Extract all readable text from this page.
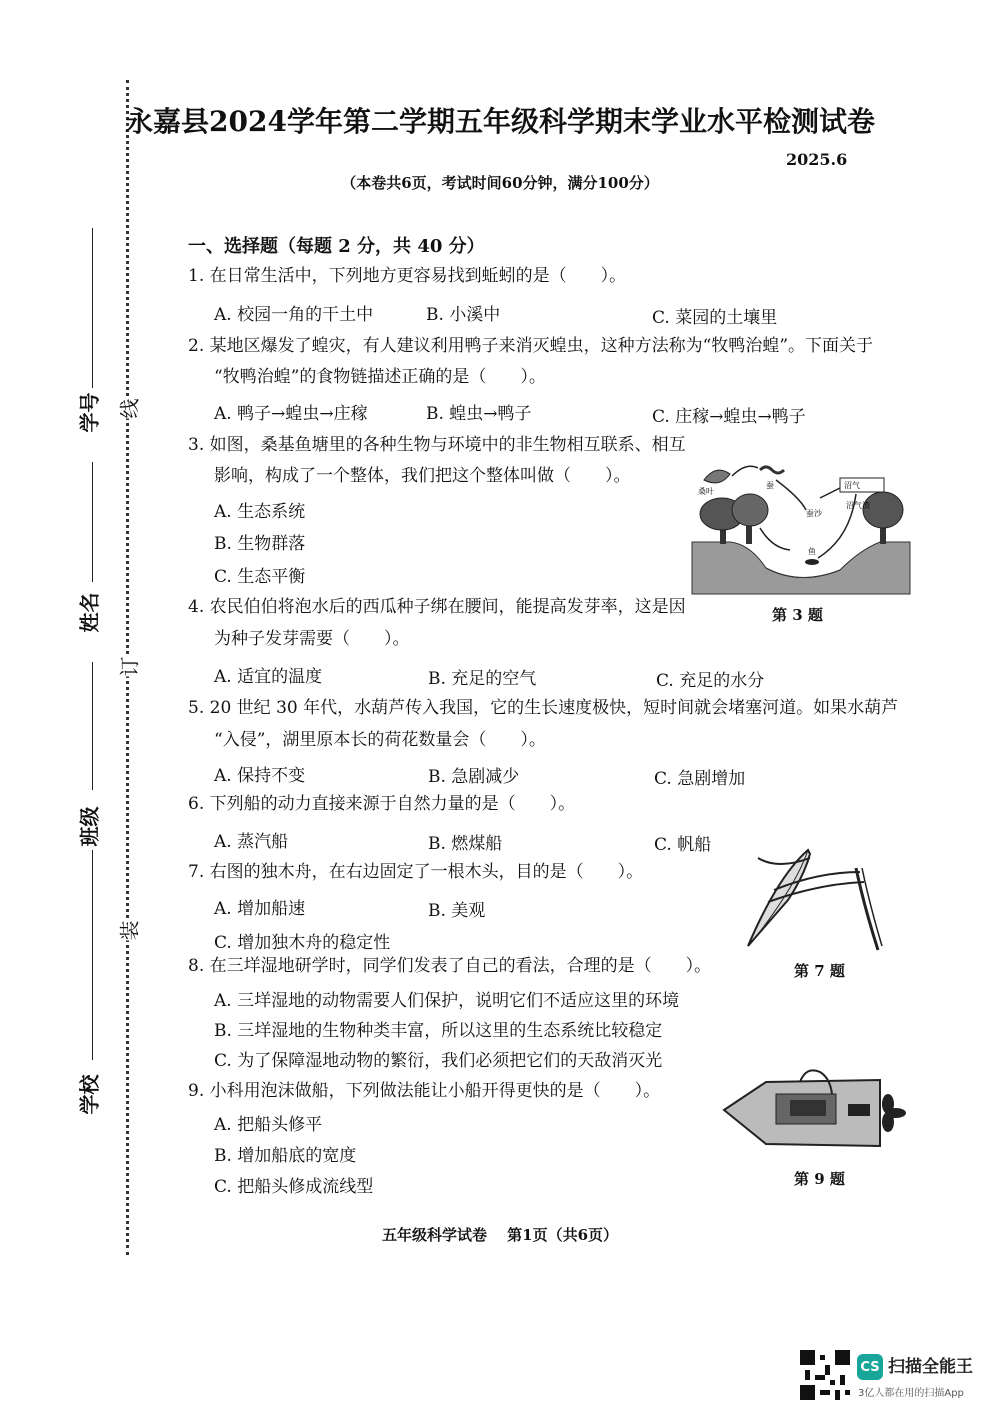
线
订
装
学号
姓名
班级
学校
永嘉县2024学年第二学期五年级科学期末学业水平检测试卷
2025.6
（本卷共6页，考试时间60分钟，满分100分）
一、选择题（每题 2 分，共 40 分）
1. 在日常生活中，下列地方更容易找到蚯蚓的是（　　）。
A. 校园一角的干土中	B. 小溪中	C. 菜园的土壤里
2. 某地区爆发了蝗灾，有人建议利用鸭子来消灭蝗虫，这种方法称为“牧鸭治蝗”。下面关于
“牧鸭治蝗”的食物链描述正确的是（　　）。
A. 鸭子→蝗虫→庄稼	B. 蝗虫→鸭子	C. 庄稼→蝗虫→鸭子
3. 如图，桑基鱼塘里的各种生物与环境中的非生物相互联系、相互
影响，构成了一个整体，我们把这个整体叫做（　　）。
A. 生态系统
B. 生物群落
C. 生态平衡
桑叶
蚕
蚕沙
沼气
沼气渣
鱼
第 3 题
4. 农民伯伯将泡水后的西瓜种子绑在腰间，能提高发芽率，这是因
为种子发芽需要（　　）。
A. 适宜的温度	B. 充足的空气	C. 充足的水分
5. 20 世纪 30 年代，水葫芦传入我国，它的生长速度极快，短时间就会堵塞河道。如果水葫芦
“入侵”，湖里原本长的荷花数量会（　　）。
A. 保持不变	B. 急剧减少	C. 急剧增加
6. 下列船的动力直接来源于自然力量的是（　　）。
A. 蒸汽船	B. 燃煤船	C. 帆船
7. 右图的独木舟，在右边固定了一根木头，目的是（　　）。
A. 增加船速	B. 美观
C. 增加独木舟的稳定性
第 7 题
8. 在三垟湿地研学时，同学们发表了自己的看法，合理的是（　　）。
A. 三垟湿地的动物需要人们保护，说明它们不适应这里的环境
B. 三垟湿地的生物种类丰富，所以这里的生态系统比较稳定
C. 为了保障湿地动物的繁衍，我们必须把它们的天敌消灭光
9. 小科用泡沫做船，下列做法能让小船开得更快的是（　　）。
A. 把船头修平
B. 增加船底的宽度
C. 把船头修成流线型	第 9 题
五年级科学试卷　 第1页（共6页）
CS 扫描全能王
3亿人都在用的扫描App
